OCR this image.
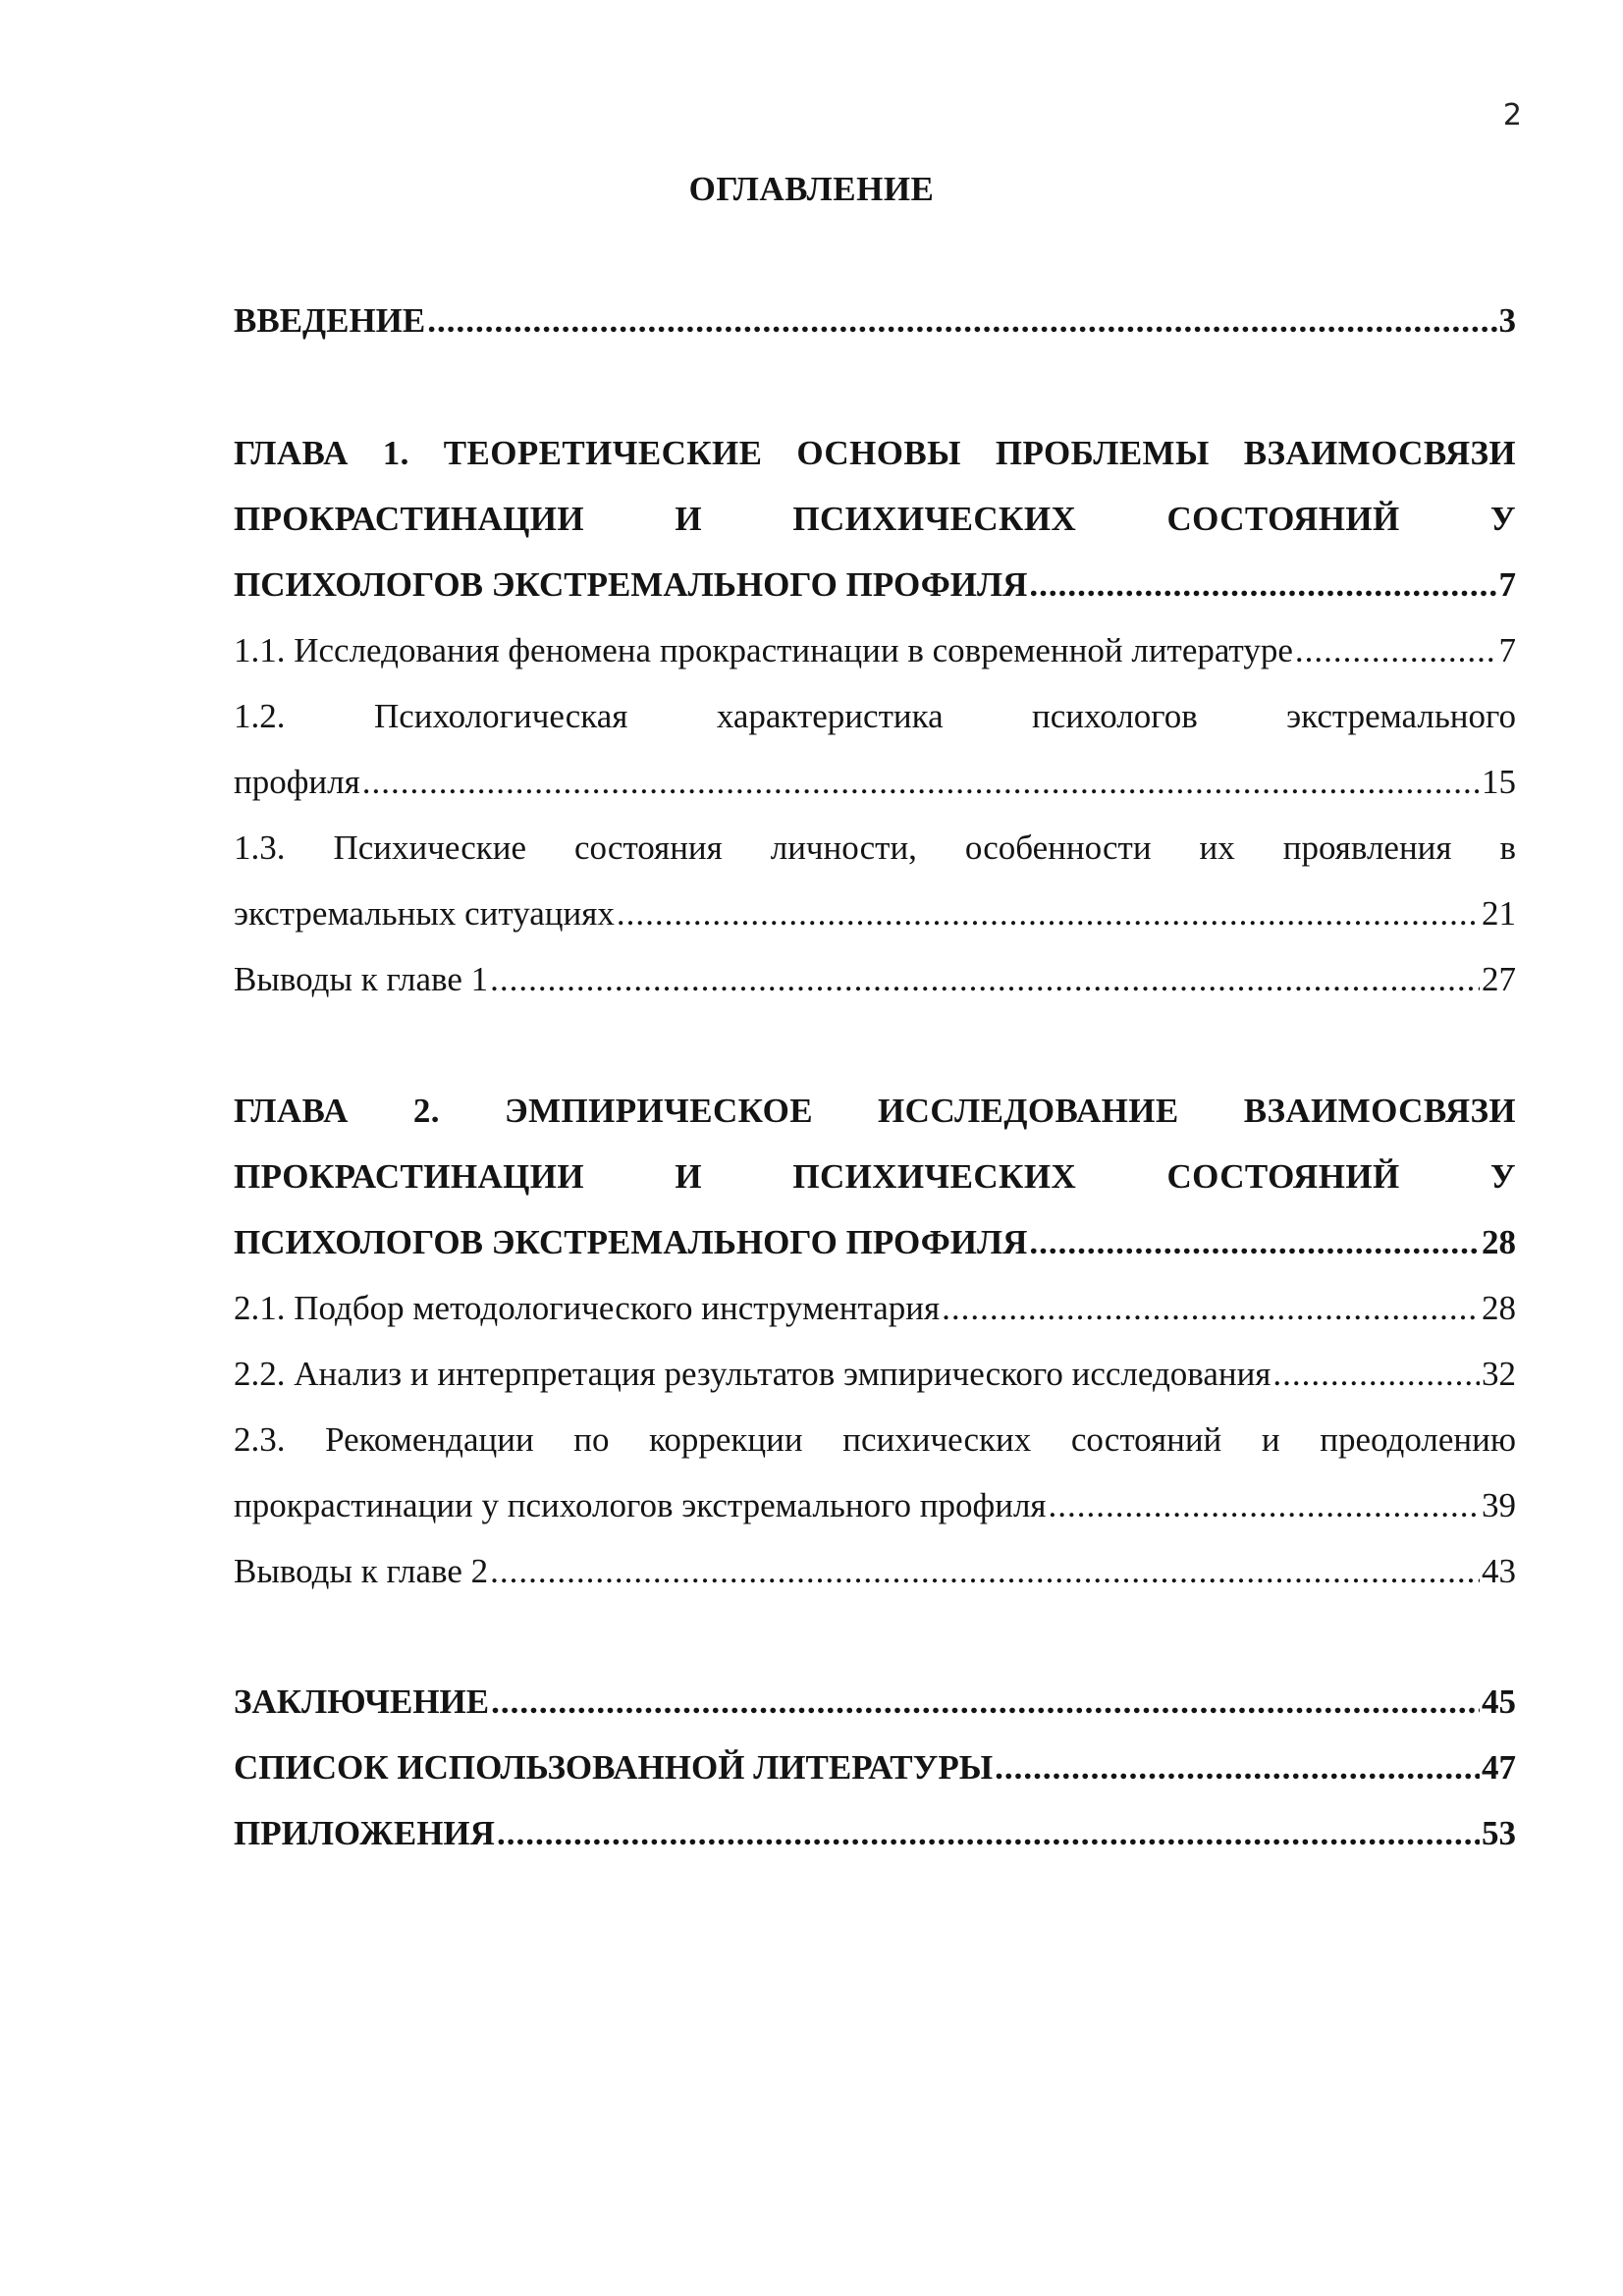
2
ОГЛАВЛЕНИЕ
ВВЕДЕНИЕ .....	3
ГЛАВА 1. ТЕОРЕТИЧЕСКИЕ ОСНОВЫ ПРОБЛЕМЫ ВЗАИМОСВЯЗИ
ПРОКРАСТИНАЦИИ И ПСИХИЧЕСКИХ СОСТОЯНИЙ У
ПСИХОЛОГОВ ЭКСТРЕМАЛЬНОГО ПРОФИЛЯ .....	7
1.1. Исследования феномена прокрастинации в современной литературе .....	7
1.2. Психологическая характеристика психологов экстремального
профиля .....	15
1.3. Психические состояния личности, особенности их проявления в
экстремальных ситуациях .....	21
Выводы к главе 1 .....	27
ГЛАВА 2. ЭМПИРИЧЕСКОЕ ИССЛЕДОВАНИЕ ВЗАИМОСВЯЗИ
ПРОКРАСТИНАЦИИ И ПСИХИЧЕСКИХ СОСТОЯНИЙ У
ПСИХОЛОГОВ ЭКСТРЕМАЛЬНОГО ПРОФИЛЯ .....	28
2.1. Подбор методологического инструментария .....	28
2.2. Анализ и интерпретация результатов эмпирического исследования .....	32
2.3. Рекомендации по коррекции психических состояний и преодолению
прокрастинации у психологов экстремального профиля .....	39
Выводы к главе 2 .....	43
ЗАКЛЮЧЕНИЕ .....	45
СПИСОК ИСПОЛЬЗОВАННОЙ ЛИТЕРАТУРЫ .....	47
ПРИЛОЖЕНИЯ .....	53
